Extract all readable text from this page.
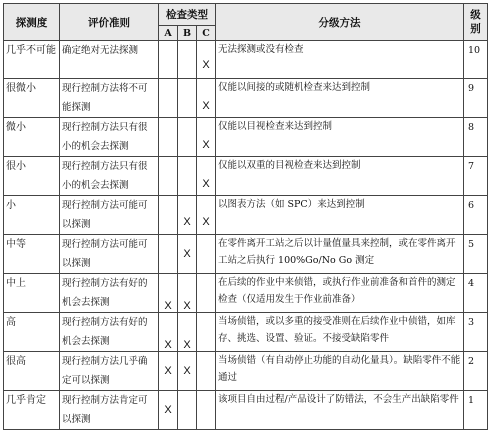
探测度	评价准则	检查类型			分级方法	级别
		A	B	C		
几乎不可能	确定绝对无法探测			X	无法探测或没有检查	10
很微小	现行控制方法将不可能探测			X	仅能以间接的或随机检查来达到控制	9
微小	现行控制方法只有很小的机会去探测			X	仅能以目视检查来达到控制	8
很小	现行控制方法只有很小的机会去探测			X	仅能以双重的目视检查来达到控制	7
小	现行控制方法可能可以探测		X	X	以图表方法（如 SPC）来达到控制	6
中等	现行控制方法可能可以探测		X		在零件离开工站之后以计量值量具来控制，或在零件离开工站之后执行 100%Go/No Go 测定	5
中上	现行控制方法有好的机会去探测	X	X		在后续的作业中来侦错，或执行作业前准备和首件的测定检查（仅适用发生于作业前准备）	4
高	现行控制方法有好的机会去探测	X	X		当场侦错，或以多重的接受准则在后续作业中侦错，如库存、挑选、设置、验证。不接受缺陷零件	3
很高	现行控制方法几乎确定可以探测	X	X		当场侦错（有自动停止功能的自动化量具）。缺陷零件不能通过	2
几乎肯定	现行控制方法肯定可以探测	X			该项目自由过程/产品设计了防错法，不会生产出缺陷零件	1
